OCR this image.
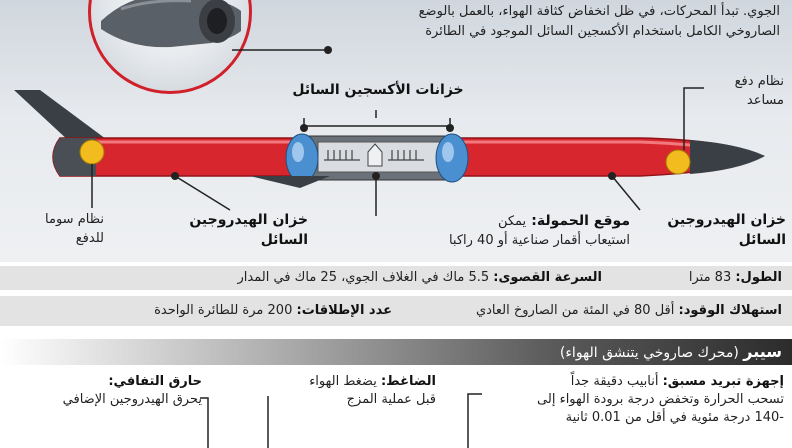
الجوي. تبدأ المحركات، في ظل انخفاض كثافة الهواء، بالعمل بالوضع
الصاروخي الكامل باستخدام الأكسجين السائل الموجود في الطائرة
خزانات الأكسجين السائل
نظام دفع
مساعد
خزان الهيدروجين
السائل
موقع الحمولة: يمكن
استيعاب أقمار صناعية أو 40 راكبا
خزان الهيدروجين
السائل
نظام سوما
للدفع
الطول: 83 مترا
السرعة القصوى: 5.5 ماك في الغلاف الجوي، 25 ماك في المدار
استهلاك الوقود: أقل 80 في المئة من الصاروخ العادي
عدد الإطلاقات: 200 مرة للطائرة الواحدة
سيبر (محرك صاروخي يتنشق الهواء)
إجهزة تبريد مسبق: أنابيب دقيقة جداً
تسحب الحرارة وتخفض درجة برودة الهواء إلى
-140 درجة مئوية في أقل من 0.01 ثانية
الضاغط: يضغط الهواء
قبل عملية المزج
حارق التفافي:
يحرق الهيدروجين الإضافي
